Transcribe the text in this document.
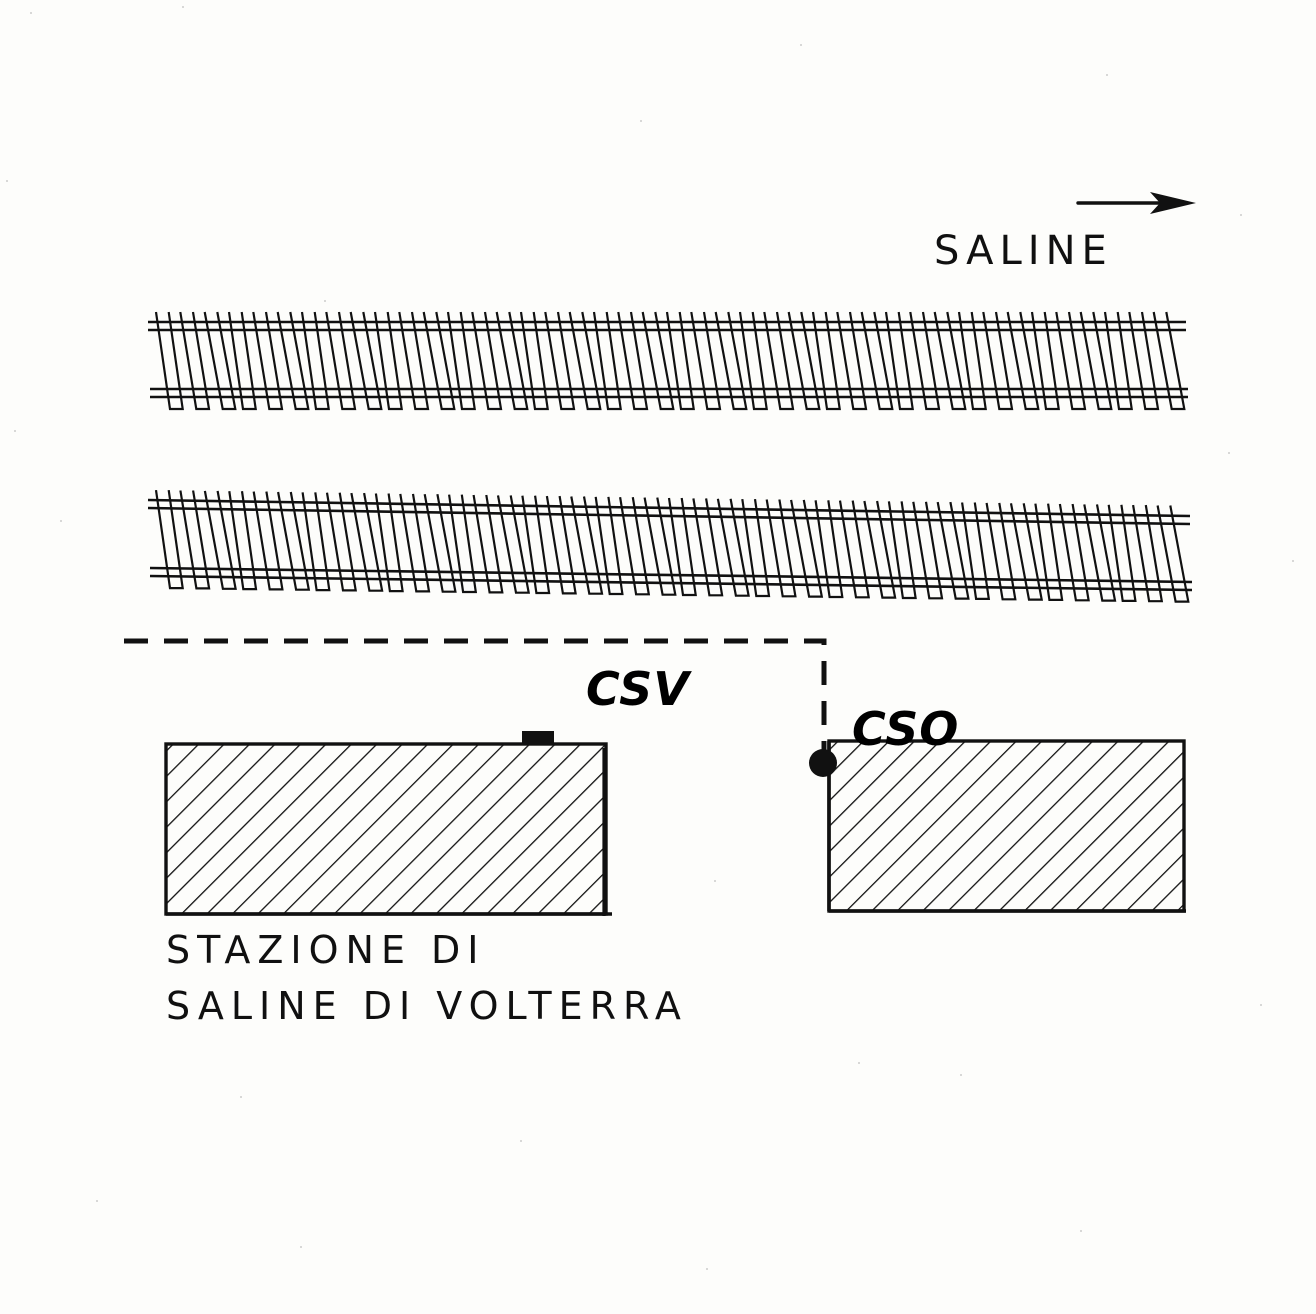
SALINE
CSV
CSO
STAZIONE DI
SALINE DI VOLTERRA
